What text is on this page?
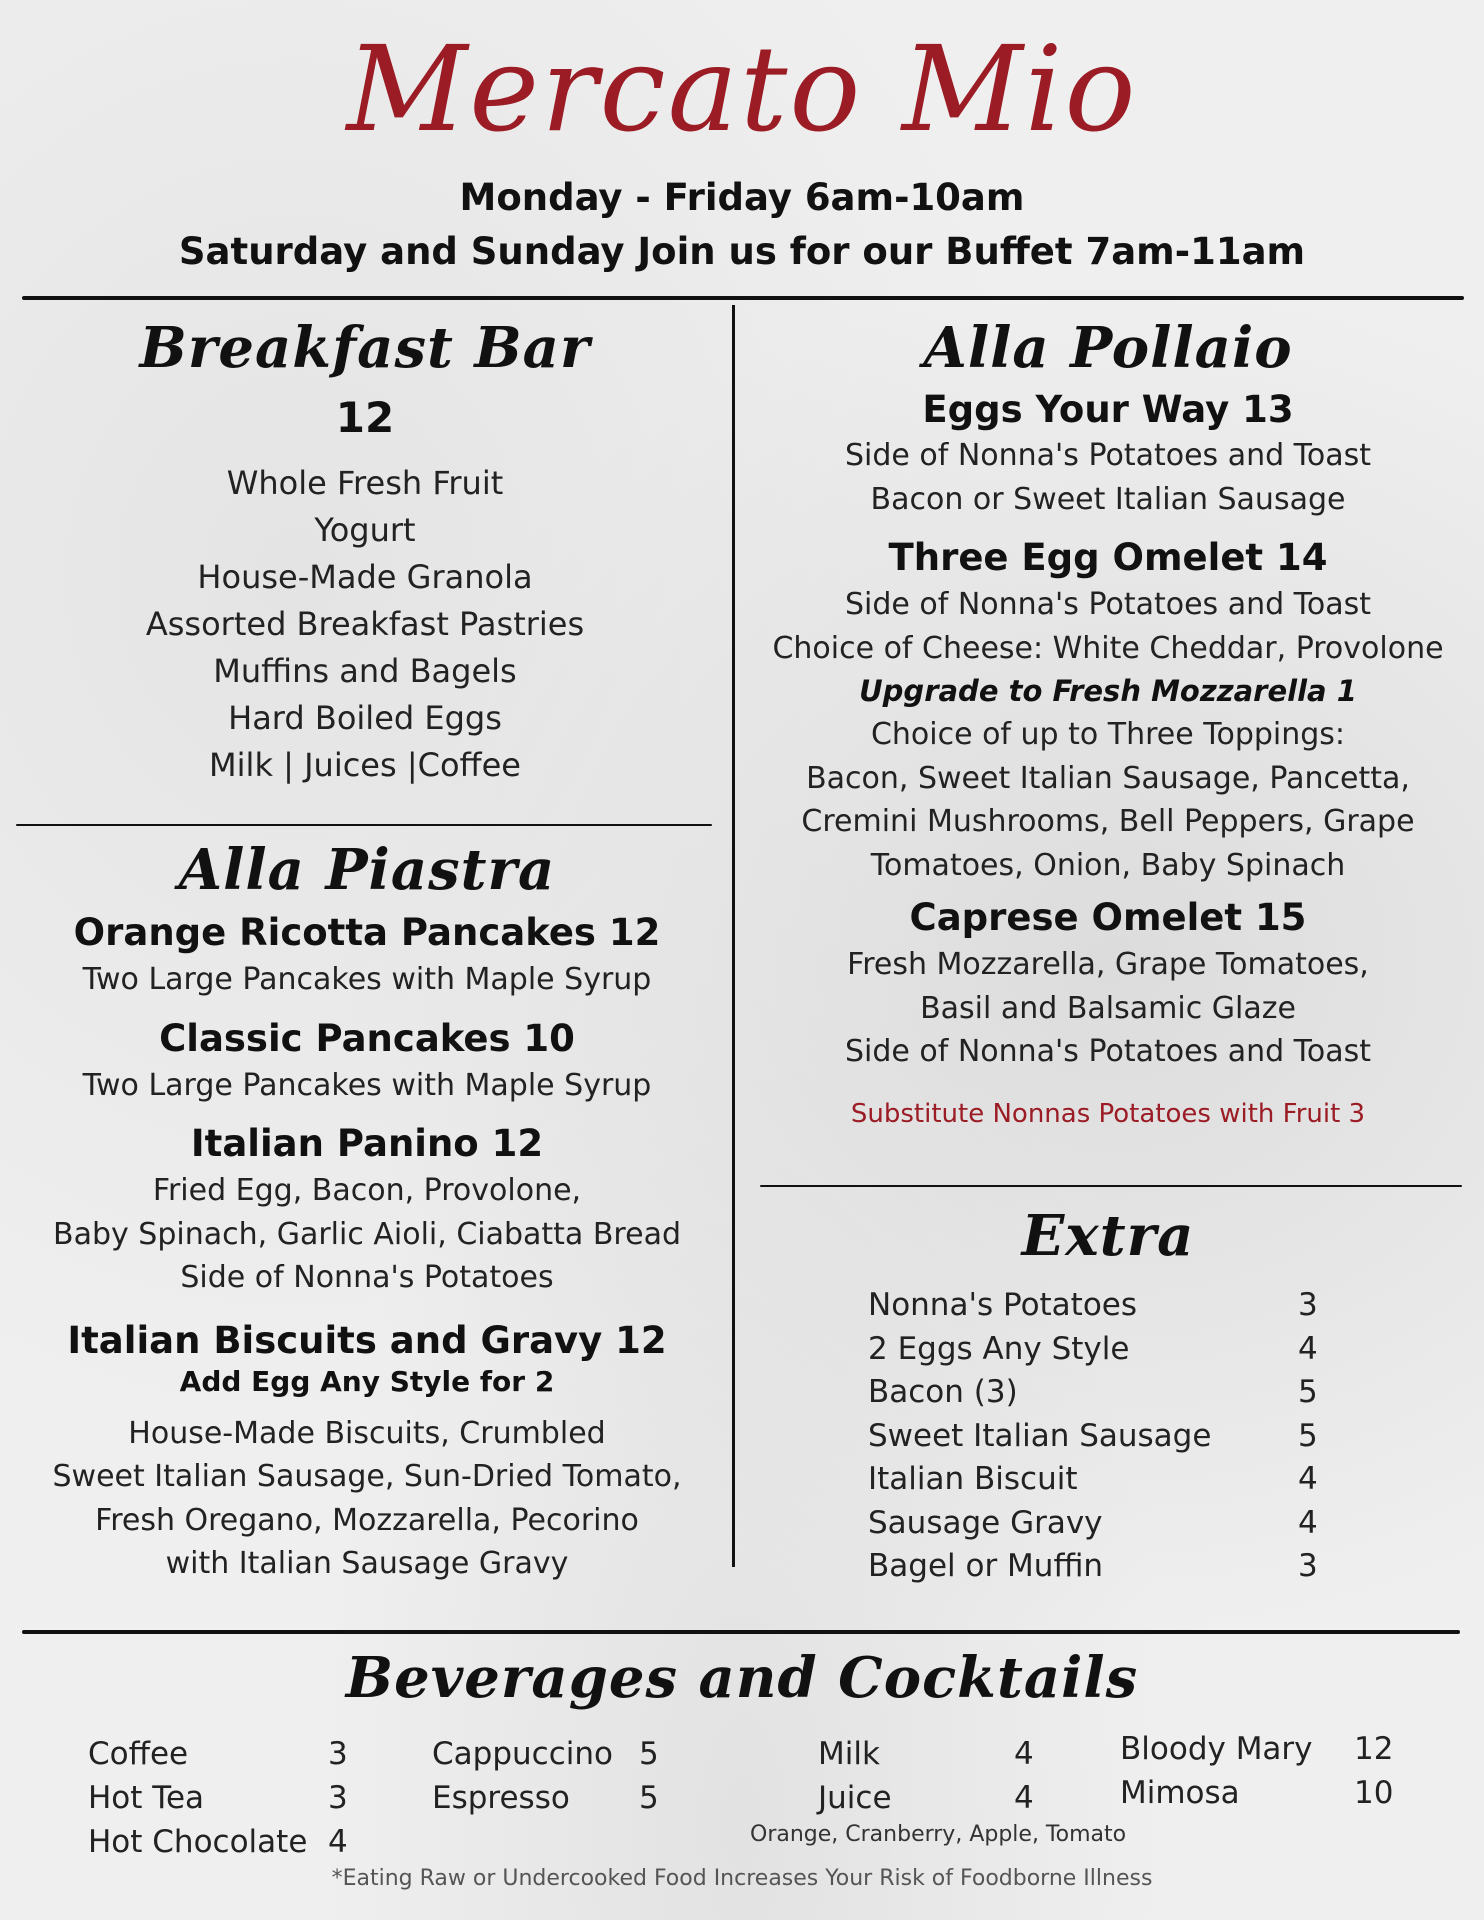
Mercato Mio
Monday - Friday 6am-10am
Saturday and Sunday Join us for our Buffet 7am-11am
Breakfast Bar
12
Whole Fresh Fruit
Yogurt
House-Made Granola
Assorted Breakfast Pastries
Muffins and Bagels
Hard Boiled Eggs
Milk | Juices |Coffee
Alla Piastra
Orange Ricotta Pancakes 12
Two Large Pancakes with Maple Syrup
Classic Pancakes 10
Two Large Pancakes with Maple Syrup
Italian Panino 12
Fried Egg, Bacon, Provolone,
Baby Spinach, Garlic Aioli, Ciabatta Bread
Side of Nonna's Potatoes
Italian Biscuits and Gravy 12
Add Egg Any Style for 2
House-Made Biscuits, Crumbled
Sweet Italian Sausage, Sun-Dried Tomato,
Fresh Oregano, Mozzarella, Pecorino
with Italian Sausage Gravy
Alla Pollaio
Eggs Your Way 13
Side of Nonna's Potatoes and Toast
Bacon or Sweet Italian Sausage
Three Egg Omelet 14
Side of Nonna's Potatoes and Toast
Choice of Cheese: White Cheddar, Provolone
Upgrade to Fresh Mozzarella 1
Choice of up to Three Toppings:
Bacon, Sweet Italian Sausage, Pancetta,
Cremini Mushrooms, Bell Peppers, Grape
Tomatoes, Onion, Baby Spinach
Caprese Omelet 15
Fresh Mozzarella, Grape Tomatoes,
Basil and Balsamic Glaze
Side of Nonna's Potatoes and Toast
Substitute Nonnas Potatoes with Fruit 3
Extra
Nonna's Potatoes	3
2 Eggs Any Style	4
Bacon (3)	5
Sweet Italian Sausage	5
Italian Biscuit	4
Sausage Gravy	4
Bagel or Muffin	3
Beverages and Cocktails
Coffee	3
Hot Tea	3
Hot Chocolate 4
Cappuccino 5
Espresso 5
Milk	4
Juice	4
Orange, Cranberry, Apple, Tomato
Bloody Mary 12
Mimosa	10
*Eating Raw or Undercooked Food Increases Your Risk of Foodborne Illness
